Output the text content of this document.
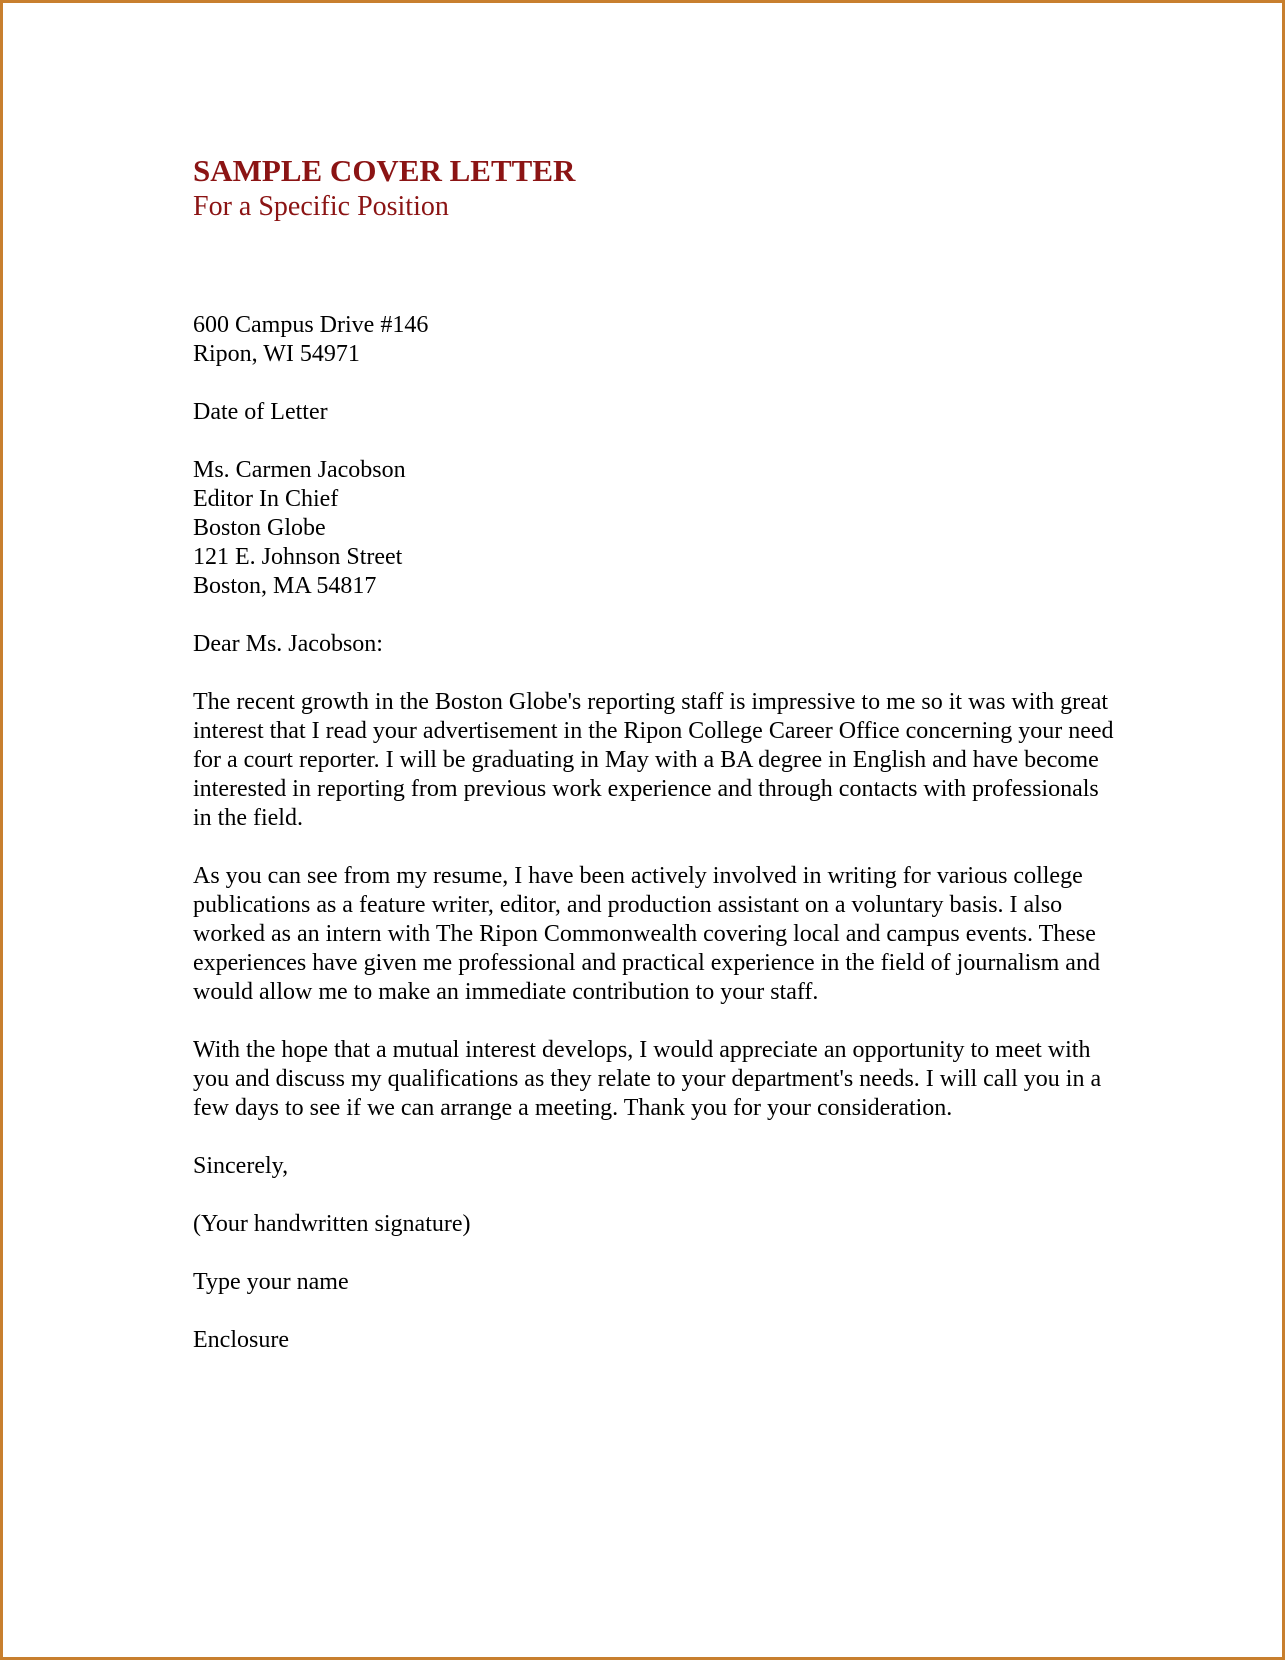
SAMPLE COVER LETTER
For a Specific Position
600 Campus Drive #146
Ripon, WI 54971
Date of Letter
Ms. Carmen Jacobson
Editor In Chief
Boston Globe
121 E. Johnson Street
Boston, MA 54817
Dear Ms. Jacobson:

The recent growth in the Boston Globe's reporting staff is impressive to me so it was with great interest that I read your advertisement in the Ripon College Career Office concerning your need for a court reporter. I will be graduating in May with a BA degree in English and have become interested in reporting from previous work experience and through contacts with professionals in the field.

As you can see from my resume, I have been actively involved in writing for various college publications as a feature writer, editor, and production assistant on a voluntary basis. I also worked as an intern with The Ripon Commonwealth covering local and campus events. These experiences have given me professional and practical experience in the field of journalism and would allow me to make an immediate contribution to your staff.

With the hope that a mutual interest develops, I would appreciate an opportunity to meet with you and discuss my qualifications as they relate to your department's needs. I will call you in a few days to see if we can arrange a meeting. Thank you for your consideration.

Sincerely,
(Your handwritten signature)
Type your name
Enclosure
